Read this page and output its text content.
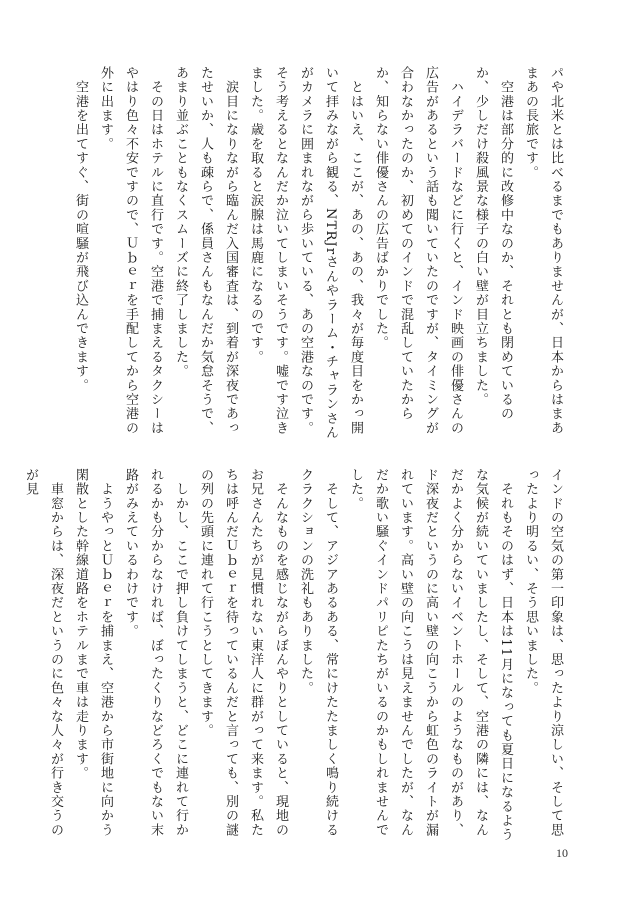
パや北米とは比べるまでもありませんが、日本からはまあまあの長旅です。
　空港は部分的に改修中なのか、それとも閉めているのか、少しだけ殺風景な様子の白い壁が目立ちました。
　ハイデラバードなどに行くと、インド映画の俳優さんの広告があるという話も聞いていたのですが、タイミングが合わなかったのか、初めてのインドで混乱していたからか、知らない俳優さんの広告ばかりでした。
　とはいえ、ここが、あの、あの、我々が毎度目をかっ開いて拝みながら観る、NTRJrさんやラーム・チャランさんがカメラに囲まれながら歩いている、あの空港なのです。そう考えるとなんだか泣いてしまいそうです。嘘です泣きました。歳を取ると涙腺は馬鹿になるのです。
　涙目になりながら臨んだ入国審査は、到着が深夜であったせいか、人も疎らで、係員さんもなんだか気怠そうで、あまり並ぶこともなくスムーズに終了しました。
　その日はホテルに直行です。空港で捕まえるタクシーはやはり色々不安ですので、Ｕｂｅｒを手配してから空港の外に出ます。
　空港を出てすぐ、街の喧騒が飛び込んできます。
インドの空気の第一印象は、思ったより涼しい、そして思ったより明るい、そう思いました。
　それもそのはず、日本は11月になっても夏日になるような気候が続いていましたし、そして、空港の隣には、なんだかよく分からないイベントホールのようなものがあり、ド深夜だというのに高い壁の向こうから虹色のライトが漏れています。高い壁の向こうは見えませんでしたが、なんだか歌い騒ぐインドパリピたちがいるのかもしれませんでした。
　そして、アジアあるある、常にけたたましく鳴り続けるクラクションの洗礼もありました。
　そんなものを感じながらぼんやりとしていると、現地のお兄さんたちが見慣れない東洋人に群がって来ます。私たちは呼んだＵｂｅｒを待っているんだと言っても、別の謎の列の先頭に連れて行こうとしてきます。
　しかし、ここで押し負けてしまうと、どこに連れて行かれるかも分からなければ、ぼったくりなどろくでもない末路がみえているわけです。
　ようやっとＵｂｅｒを捕まえ、空港から市街地に向かう閑散とした幹線道路をホテルまで車は走ります。
　車窓からは、深夜だというのに色々な人々が行き交うのが見
10
